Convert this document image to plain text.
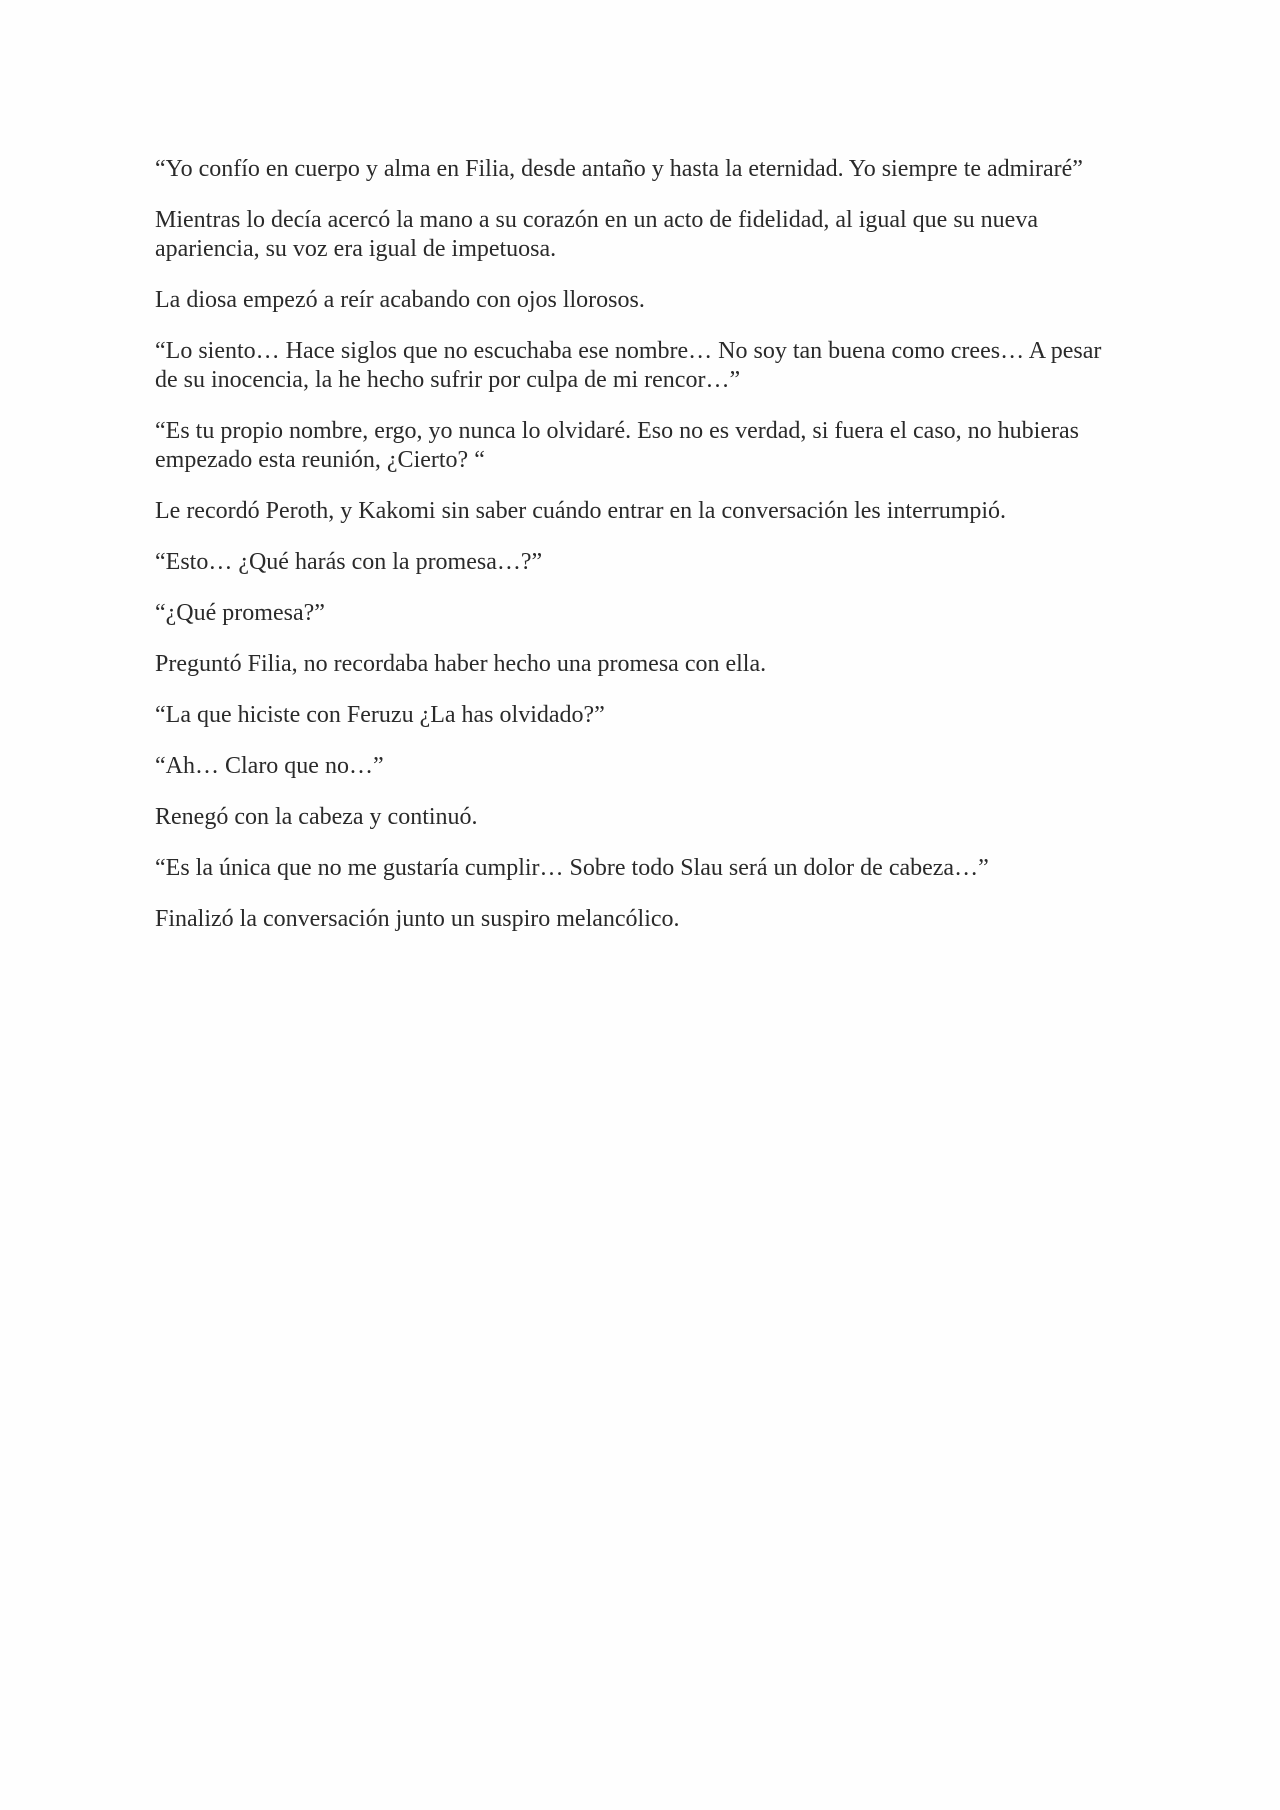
“Yo confío en cuerpo y alma en Filia, desde antaño y hasta la eternidad. Yo siempre te admiraré”

Mientras lo decía acercó la mano a su corazón en un acto de fidelidad, al igual que su nueva apariencia, su voz era igual de impetuosa.

La diosa empezó a reír acabando con ojos llorosos.

“Lo siento… Hace siglos que no escuchaba ese nombre… No soy tan buena como crees… A pesar de su inocencia, la he hecho sufrir por culpa de mi rencor…”

“Es tu propio nombre, ergo, yo nunca lo olvidaré. Eso no es verdad, si fuera el caso, no hubieras empezado esta reunión, ¿Cierto? “

Le recordó Peroth, y Kakomi sin saber cuándo entrar en la conversación les interrumpió.

“Esto… ¿Qué harás con la promesa…?”

“¿Qué promesa?”

Preguntó Filia, no recordaba haber hecho una promesa con ella.

“La que hiciste con Feruzu ¿La has olvidado?”

“Ah… Claro que no…”

Renegó con la cabeza y continuó.

“Es la única que no me gustaría cumplir… Sobre todo Slau será un dolor de cabeza…”

Finalizó la conversación junto un suspiro melancólico.
